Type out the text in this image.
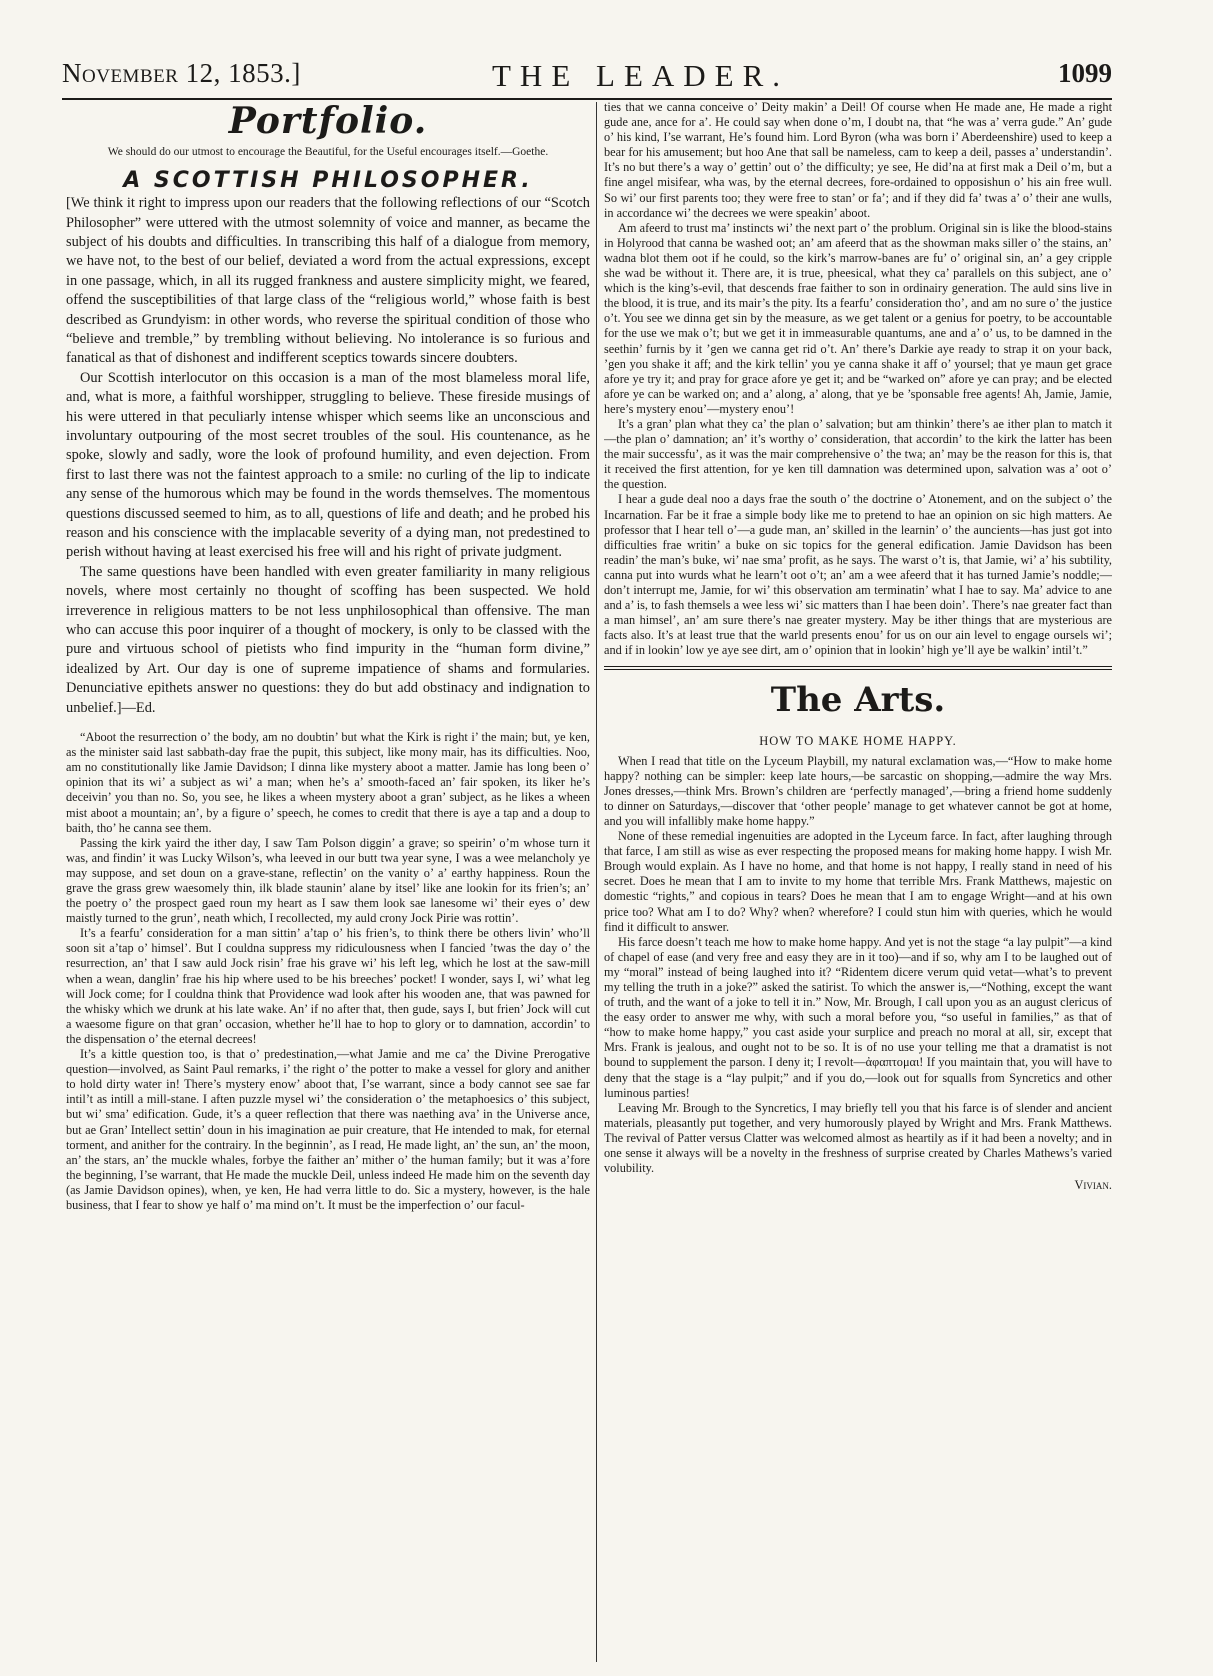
November 12, 1853.]	THE LEADER.	1099
Portfolio.
We should do our utmost to encourage the Beautiful, for the Useful encourages itself.—Goethe.
A SCOTTISH PHILOSOPHER.

[We think it right to impress upon our readers that the following reflections of our “Scotch Philosopher” were uttered with the utmost solemnity of voice and manner, as became the subject of his doubts and difficulties. In transcribing this half of a dialogue from memory, we have not, to the best of our belief, deviated a word from the actual expressions, except in one passage, which, in all its rugged frankness and austere simplicity might, we feared, offend the susceptibilities of that large class of the “religious world,” whose faith is best described as Grundyism: in other words, who reverse the spiritual condition of those who “believe and tremble,” by trembling without believing. No intolerance is so furious and fanatical as that of dishonest and indifferent sceptics towards sincere doubters.

Our Scottish interlocutor on this occasion is a man of the most blameless moral life, and, what is more, a faithful worshipper, struggling to believe. These fireside musings of his were uttered in that peculiarly intense whisper which seems like an unconscious and involuntary outpouring of the most secret troubles of the soul. His countenance, as he spoke, slowly and sadly, wore the look of profound humility, and even dejection. From first to last there was not the faintest approach to a smile: no curling of the lip to indicate any sense of the humorous which may be found in the words themselves. The momentous questions discussed seemed to him, as to all, questions of life and death; and he probed his reason and his conscience with the implacable severity of a dying man, not predestined to perish without having at least exercised his free will and his right of private judgment.

The same questions have been handled with even greater familiarity in many religious novels, where most certainly no thought of scoffing has been suspected. We hold irreverence in religious matters to be not less unphilosophical than offensive. The man who can accuse this poor inquirer of a thought of mockery, is only to be classed with the pure and virtuous school of pietists who find impurity in the “human form divine,” idealized by Art. Our day is one of supreme impatience of shams and formularies. Denunciative epithets answer no questions: they do but add obstinacy and indignation to unbelief.]—Ed.

“Aboot the resurrection o’ the body, am no doubtin’ but what the Kirk is right i’ the main; but, ye ken, as the minister said last sabbath-day frae the pupit, this subject, like mony mair, has its difficulties. Noo, am no constitutionally like Jamie Davidson; I dinna like mystery aboot a matter. Jamie has long been o’ opinion that its wi’ a subject as wi’ a man; when he’s a’ smooth-faced an’ fair spoken, its liker he’s deceivin’ you than no. So, you see, he likes a wheen mystery aboot a gran’ subject, as he likes a wheen mist aboot a mountain; an’, by a figure o’ speech, he comes to credit that there is aye a tap and a doup to baith, tho’ he canna see them.

Passing the kirk yaird the ither day, I saw Tam Polson diggin’ a grave; so speirin’ o’m whose turn it was, and findin’ it was Lucky Wilson’s, wha leeved in our butt twa year syne, I was a wee melancholy ye may suppose, and set doun on a grave-stane, reflectin’ on the vanity o’ a’ earthy happiness. Roun the grave the grass grew waesomely thin, ilk blade staunin’ alane by itsel’ like ane lookin for its frien’s; an’ the poetry o’ the prospect gaed roun my heart as I saw them look sae lanesome wi’ their eyes o’ dew maistly turned to the grun’, neath which, I recollected, my auld crony Jock Pirie was rottin’.

It’s a fearfu’ consideration for a man sittin’ a’tap o’ his frien’s, to think there be others livin’ who’ll soon sit a’tap o’ himsel’. But I couldna suppress my ridiculousness when I fancied ’twas the day o’ the resurrection, an’ that I saw auld Jock risin’ frae his grave wi’ his left leg, which he lost at the saw-mill when a wean, danglin’ frae his hip where used to be his breeches’ pocket! I wonder, says I, wi’ what leg will Jock come; for I couldna think that Providence wad look after his wooden ane, that was pawned for the whisky which we drunk at his late wake. An’ if no after that, then gude, says I, but frien’ Jock will cut a waesome figure on that gran’ occasion, whether he’ll hae to hop to glory or to damnation, accordin’ to the dispensation o’ the eternal decrees!

It’s a kittle question too, is that o’ predestination,—what Jamie and me ca’ the Divine Prerogative question—involved, as Saint Paul remarks, i’ the right o’ the potter to make a vessel for glory and anither to hold dirty water in! There’s mystery enow’ aboot that, I’se warrant, since a body cannot see sae far intil’t as intill a mill-stane. I aften puzzle mysel wi’ the consideration o’ the metaphoesics o’ this subject, but wi’ sma’ edification. Gude, it’s a queer reflection that there was naething ava’ in the Universe ance, but ae Gran’ Intellect settin’ doun in his imagination ae puir creature, that He intended to mak, for eternal torment, and anither for the contrairy. In the beginnin’, as I read, He made light, an’ the sun, an’ the moon, an’ the stars, an’ the muckle whales, forbye the faither an’ mither o’ the human family; but it was a’fore the beginning, I’se warrant, that He made the muckle Deil, unless indeed He made him on the seventh day (as Jamie Davidson opines), when, ye ken, He had verra little to do. Sic a mystery, however, is the hale business, that I fear to show ye half o’ ma mind on’t. It must be the imperfection o’ our facul-

ties that we canna conceive o’ Deity makin’ a Deil! Of course when He made ane, He made a right gude ane, ance for a’. He could say when done o’m, I doubt na, that “he was a’ verra gude.” An’ gude o’ his kind, I’se warrant, He’s found him. Lord Byron (wha was born i’ Aberdeenshire) used to keep a bear for his amusement; but hoo Ane that sall be nameless, cam to keep a deil, passes a’ understandin’. It’s no but there’s a way o’ gettin’ out o’ the difficulty; ye see, He did’na at first mak a Deil o’m, but a fine angel misifear, wha was, by the eternal decrees, fore-ordained to opposishun o’ his ain free wull. So wi’ our first parents too; they were free to stan’ or fa’; and if they did fa’ twas a’ o’ their ane wulls, in accordance wi’ the decrees we were speakin’ aboot.

Am afeerd to trust ma’ instincts wi’ the next part o’ the problum. Original sin is like the blood-stains in Holyrood that canna be washed oot; an’ am afeerd that as the showman maks siller o’ the stains, an’ wadna blot them oot if he could, so the kirk’s marrow-banes are fu’ o’ original sin, an’ a gey cripple she wad be without it. There are, it is true, pheesical, what they ca’ parallels on this subject, ane o’ which is the king’s-evil, that descends frae faither to son in ordinairy generation. The auld sins live in the blood, it is true, and its mair’s the pity. Its a fearfu’ consideration tho’, and am no sure o’ the justice o’t. You see we dinna get sin by the measure, as we get talent or a genius for poetry, to be accountable for the use we mak o’t; but we get it in immeasurable quantums, ane and a’ o’ us, to be damned in the seethin’ furnis by it ’gen we canna get rid o’t. An’ there’s Darkie aye ready to strap it on your back, ’gen you shake it aff; and the kirk tellin’ you ye canna shake it aff o’ yoursel; that ye maun get grace afore ye try it; and pray for grace afore ye get it; and be “warked on” afore ye can pray; and be elected afore ye can be warked on; and a’ along, a’ along, that ye be ’sponsable free agents! Ah, Jamie, Jamie, here’s mystery enou’—mystery enou’!

It’s a gran’ plan what they ca’ the plan o’ salvation; but am thinkin’ there’s ae ither plan to match it—the plan o’ damnation; an’ it’s worthy o’ consideration, that accordin’ to the kirk the latter has been the mair successfu’, as it was the mair comprehensive o’ the twa; an’ may be the reason for this is, that it received the first attention, for ye ken till damnation was determined upon, salvation was a’ oot o’ the question.

I hear a gude deal noo a days frae the south o’ the doctrine o’ Atonement, and on the subject o’ the Incarnation. Far be it frae a simple body like me to pretend to hae an opinion on sic high matters. Ae professor that I hear tell o’—a gude man, an’ skilled in the learnin’ o’ the auncients—has just got into difficulties frae writin’ a buke on sic topics for the general edification. Jamie Davidson has been readin’ the man’s buke, wi’ nae sma’ profit, as he says. The warst o’t is, that Jamie, wi’ a’ his subtility, canna put into wurds what he learn’t oot o’t; an’ am a wee afeerd that it has turned Jamie’s noddle;—don’t interrupt me, Jamie, for wi’ this observation am terminatin’ what I hae to say. Ma’ advice to ane and a’ is, to fash themsels a wee less wi’ sic matters than I hae been doin’. There’s nae greater fact than a man himsel’, an’ am sure there’s nae greater mystery. May be ither things that are mysterious are facts also. It’s at least true that the warld presents enou’ for us on our ain level to engage oursels wi’; and if in lookin’ low ye aye see dirt, am o’ opinion that in lookin’ high ye’ll aye be walkin’ intil’t.”

The Arts.
HOW TO MAKE HOME HAPPY.

When I read that title on the Lyceum Playbill, my natural exclamation was,—“How to make home happy? nothing can be simpler: keep late hours,—be sarcastic on shopping,—admire the way Mrs. Jones dresses,—think Mrs. Brown’s children are ‘perfectly managed’,—bring a friend home suddenly to dinner on Saturdays,—discover that ‘other people’ manage to get whatever cannot be got at home, and you will infallibly make home happy.”

None of these remedial ingenuities are adopted in the Lyceum farce. In fact, after laughing through that farce, I am still as wise as ever respecting the proposed means for making home happy. I wish Mr. Brough would explain. As I have no home, and that home is not happy, I really stand in need of his secret. Does he mean that I am to invite to my home that terrible Mrs. Frank Matthews, majestic on domestic “rights,” and copious in tears? Does he mean that I am to engage Wright—and at his own price too? What am I to do? Why? when? wherefore? I could stun him with queries, which he would find it difficult to answer.

His farce doesn’t teach me how to make home happy. And yet is not the stage “a lay pulpit”—a kind of chapel of ease (and very free and easy they are in it too)—and if so, why am I to be laughed out of my “moral” instead of being laughed into it? “Ridentem dicere verum quid vetat—what’s to prevent my telling the truth in a joke?” asked the satirist. To which the answer is,—“Nothing, except the want of truth, and the want of a joke to tell it in.” Now, Mr. Brough, I call upon you as an august clericus of the easy order to answer me why, with such a moral before you, “so useful in families,” as that of “how to make home happy,” you cast aside your surplice and preach no moral at all, sir, except that Mrs. Frank is jealous, and ought not to be so. It is of no use your telling me that a dramatist is not bound to supplement the parson. I deny it; I revolt—ἀφαπτομαι! If you maintain that, you will have to deny that the stage is a “lay pulpit;” and if you do,—look out for squalls from Syncretics and other luminous parties!

Leaving Mr. Brough to the Syncretics, I may briefly tell you that his farce is of slender and ancient materials, pleasantly put together, and very humorously played by Wright and Mrs. Frank Matthews. The revival of Patter versus Clatter was welcomed almost as heartily as if it had been a novelty; and in one sense it always will be a novelty in the freshness of surprise created by Charles Mathews’s varied volubility.

Vivian.
